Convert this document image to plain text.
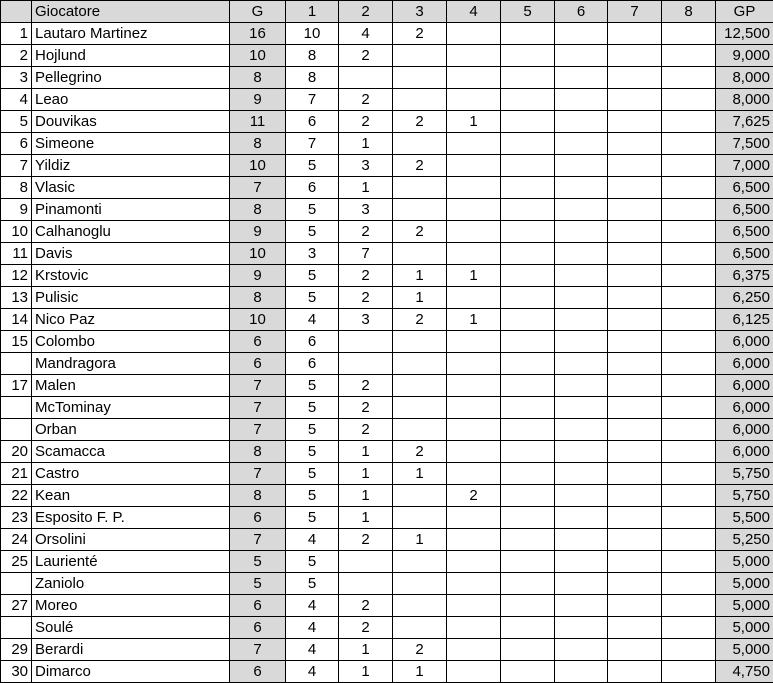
	Giocatore	G	1	2	3	4	5	6	7	8	GP
1	Lautaro Martinez	16	10	4	2						12,500
2	Hojlund	10	8	2							9,000
3	Pellegrino	8	8								8,000
4	Leao	9	7	2							8,000
5	Douvikas	11	6	2	2	1					7,625
6	Simeone	8	7	1							7,500
7	Yildiz	10	5	3	2						7,000
8	Vlasic	7	6	1							6,500
9	Pinamonti	8	5	3							6,500
10	Calhanoglu	9	5	2	2						6,500
11	Davis	10	3	7							6,500
12	Krstovic	9	5	2	1	1					6,375
13	Pulisic	8	5	2	1						6,250
14	Nico Paz	10	4	3	2	1					6,125
15	Colombo	6	6								6,000
	Mandragora	6	6								6,000
17	Malen	7	5	2							6,000
	McTominay	7	5	2							6,000
	Orban	7	5	2							6,000
20	Scamacca	8	5	1	2						6,000
21	Castro	7	5	1	1						5,750
22	Kean	8	5	1		2					5,750
23	Esposito F. P.	6	5	1							5,500
24	Orsolini	7	4	2	1						5,250
25	Laurienté	5	5								5,000
	Zaniolo	5	5								5,000
27	Moreo	6	4	2							5,000
	Soulé	6	4	2							5,000
29	Berardi	7	4	1	2						5,000
30	Dimarco	6	4	1	1						4,750
